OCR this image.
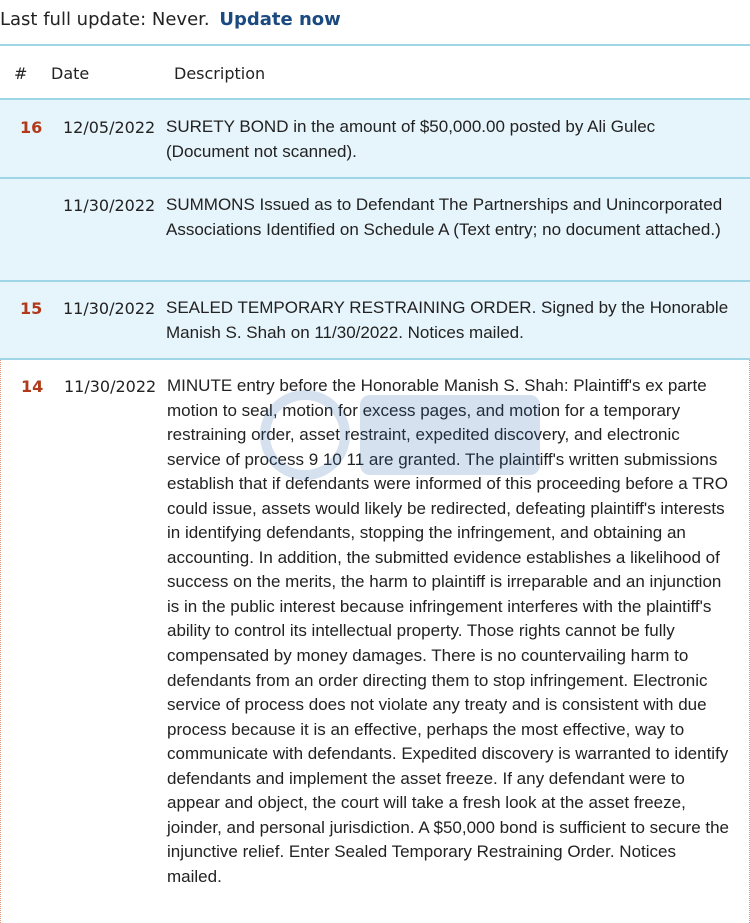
Last full update: Never. Update now
# Date	Description
16 12/05/2022 SURETY BOND in the amount of $50,000.00 posted by Ali Gulec (Document not scanned).
11/30/2022 SUMMONS Issued as to Defendant The Partnerships and Unincorporated Associations Identified on Schedule A (Text entry; no document attached.)
15 11/30/2022 SEALED TEMPORARY RESTRAINING ORDER. Signed by the Honorable Manish S. Shah on 11/30/2022. Notices mailed.
14 11/30/2022 MINUTE entry before the Honorable Manish S. Shah: Plaintiff's ex parte motion to seal, motion for excess pages, and motion for a temporary restraining order, asset restraint, expedited discovery, and electronic service of process 9 10 11 are granted. The plaintiff's written submissions establish that if defendants were informed of this proceeding before a TRO could issue, assets would likely be redirected, defeating plaintiff's interests in identifying defendants, stopping the infringement, and obtaining an accounting. In addition, the submitted evidence establishes a likelihood of success on the merits, the harm to plaintiff is irreparable and an injunction is in the public interest because infringement interferes with the plaintiff's ability to control its intellectual property. Those rights cannot be fully compensated by money damages. There is no countervailing harm to defendants from an order directing them to stop infringement. Electronic service of process does not violate any treaty and is consistent with due process because it is an effective, perhaps the most effective, way to communicate with defendants. Expedited discovery is warranted to identify defendants and implement the asset freeze. If any defendant were to appear and object, the court will take a fresh look at the asset freeze, joinder, and personal jurisdiction. A $50,000 bond is sufficient to secure the injunctive relief. Enter Sealed Temporary Restraining Order. Notices mailed.
